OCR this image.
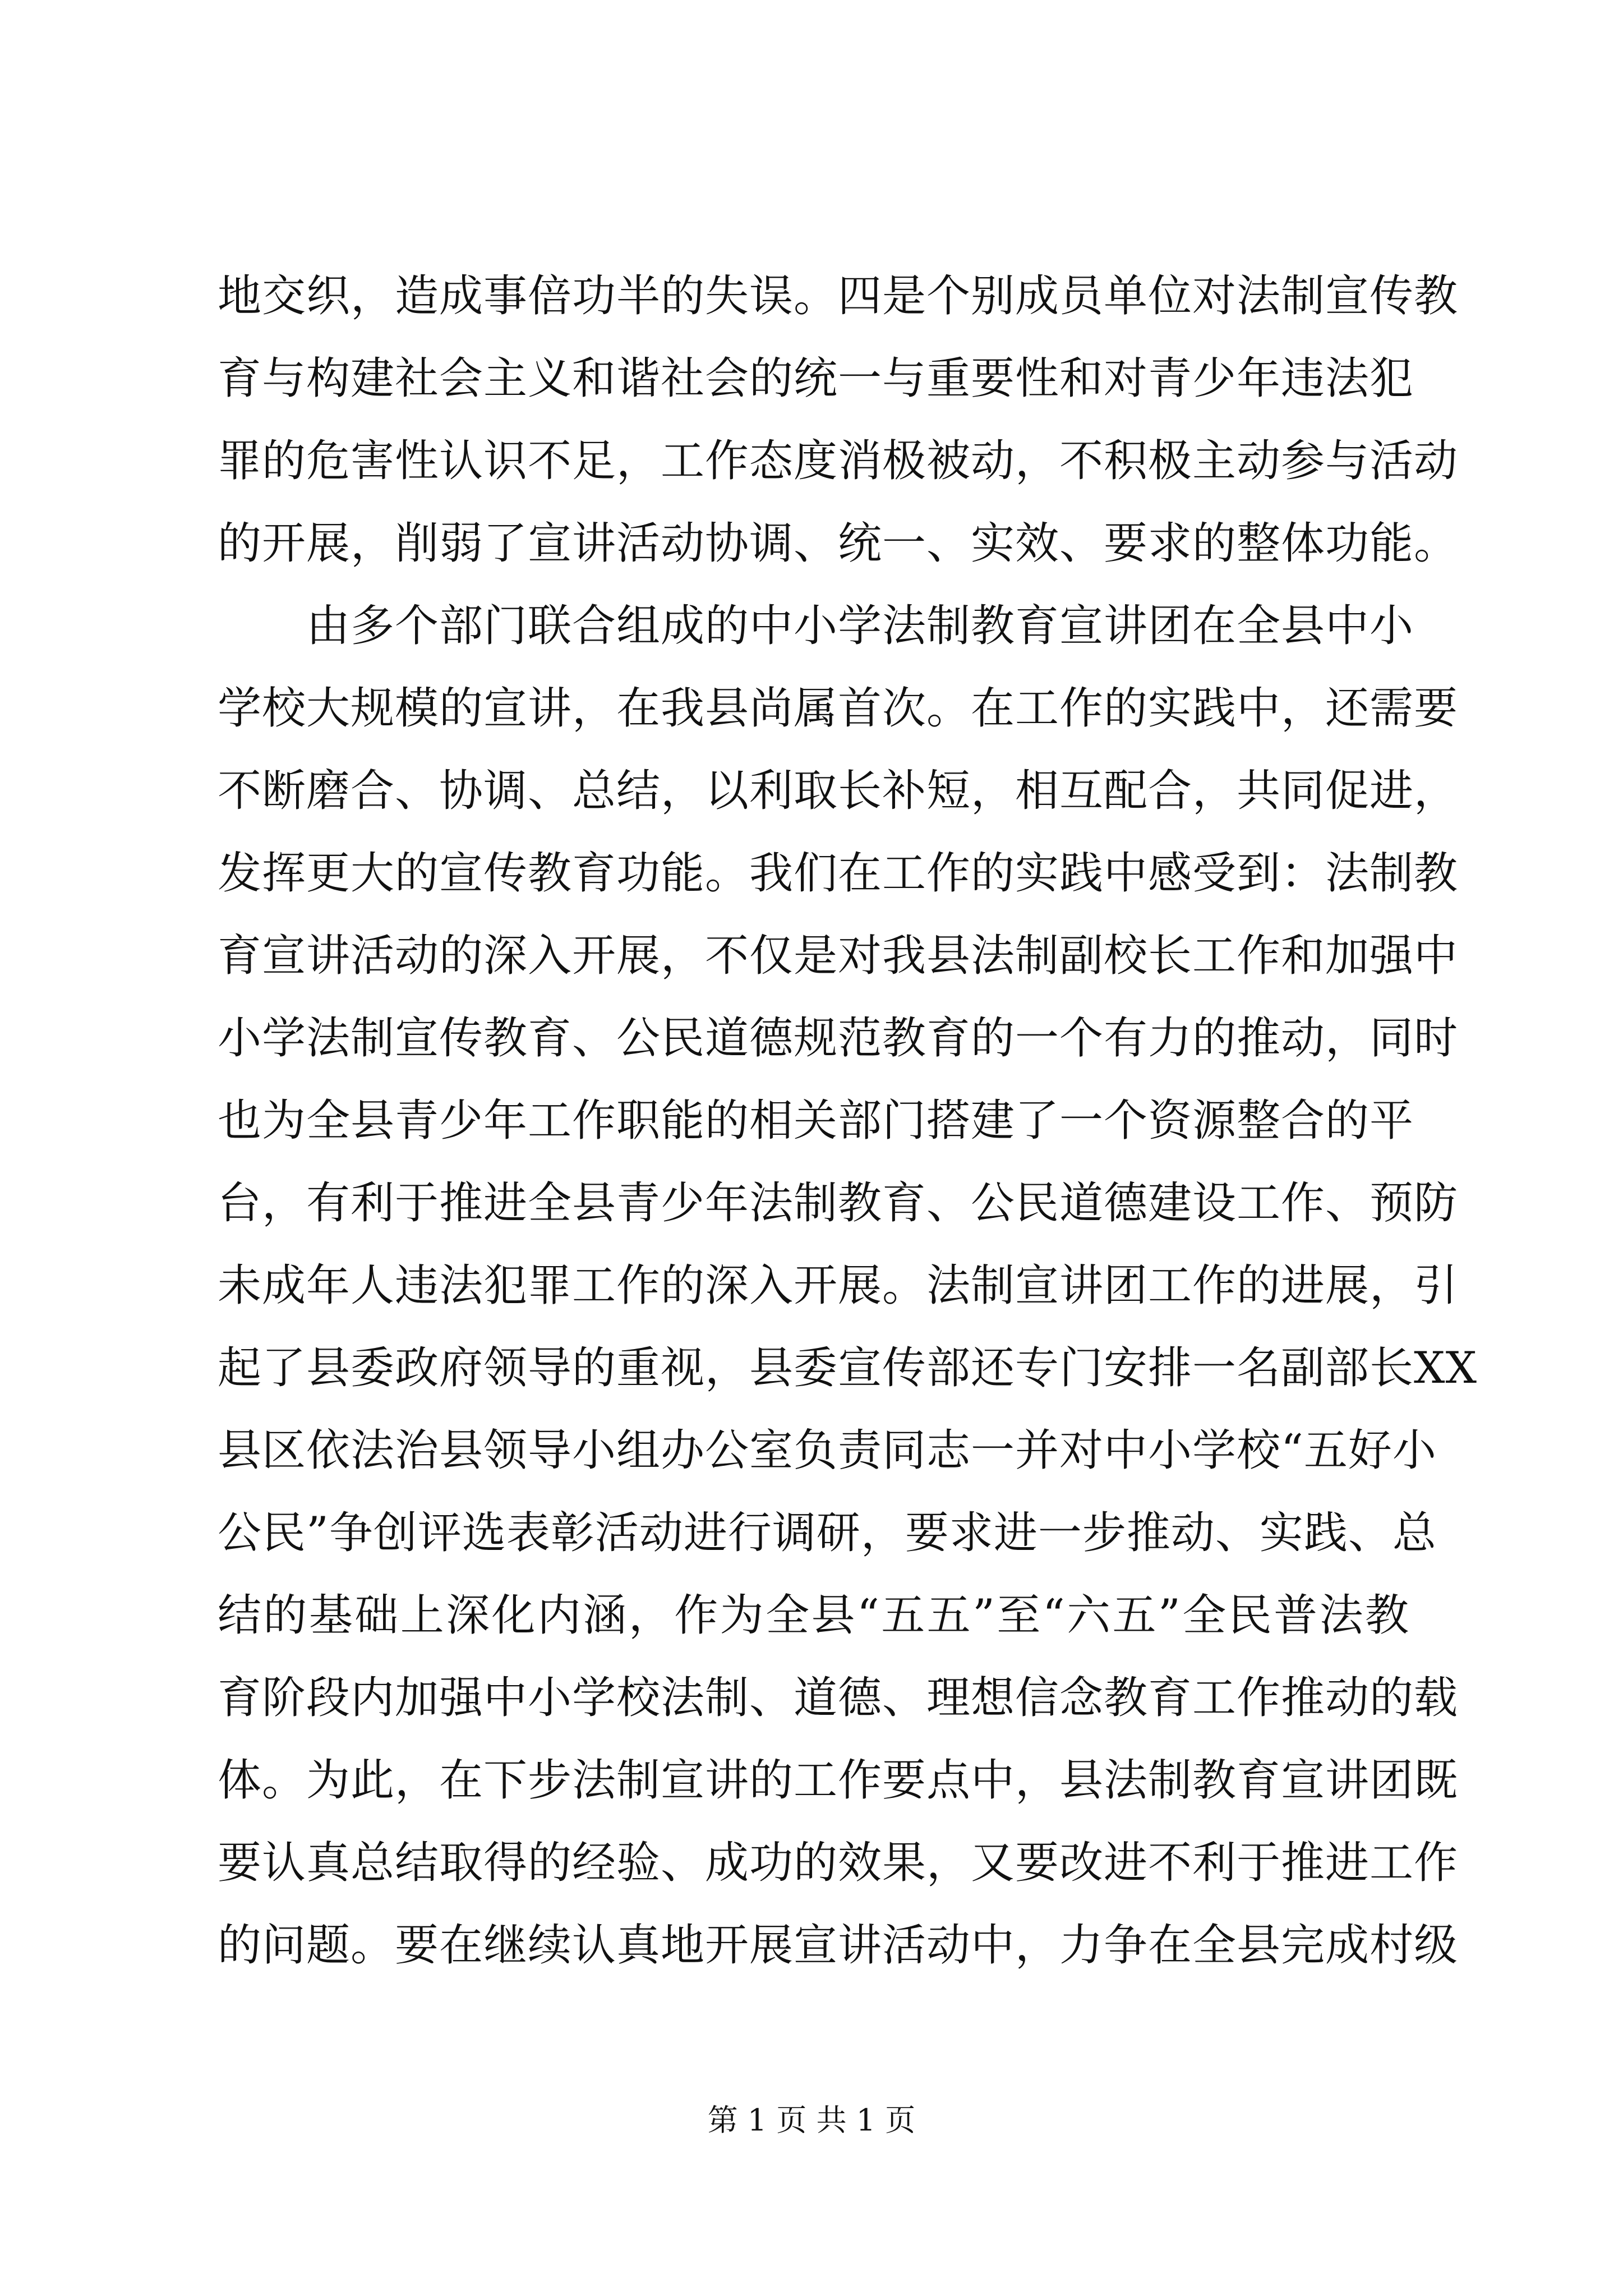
地交织，造成事倍功半的失误。四是个别成员单位对法制宣传教
育与构建社会主义和谐社会的统一与重要性和对青少年违法犯
罪的危害性认识不足，工作态度消极被动，不积极主动参与活动
的开展，削弱了宣讲活动协调、统一、实效、要求的整体功能。
　　由多个部门联合组成的中小学法制教育宣讲团在全县中小
学校大规模的宣讲，在我县尚属首次。在工作的实践中，还需要
不断磨合、协调、总结，以利取长补短，相互配合，共同促进，
发挥更大的宣传教育功能。我们在工作的实践中感受到：法制教
育宣讲活动的深入开展，不仅是对我县法制副校长工作和加强中
小学法制宣传教育、公民道德规范教育的一个有力的推动，同时
也为全县青少年工作职能的相关部门搭建了一个资源整合的平
台，有利于推进全县青少年法制教育、公民道德建设工作、预防
未成年人违法犯罪工作的深入开展。法制宣讲团工作的进展，引
起了县委政府领导的重视，县委宣传部还专门安排一名副部长XX
县区依法治县领导小组办公室负责同志一并对中小学校“五好小
公民”争创评选表彰活动进行调研，要求进一步推动、实践、总
结的基础上深化内涵，作为全县“五五”至“六五”全民普法教
育阶段内加强中小学校法制、道德、理想信念教育工作推动的载
体。为此，在下步法制宣讲的工作要点中，县法制教育宣讲团既
要认真总结取得的经验、成功的效果，又要改进不利于推进工作
的问题。要在继续认真地开展宣讲活动中，力争在全县完成村级
第 1 页 共 1 页
